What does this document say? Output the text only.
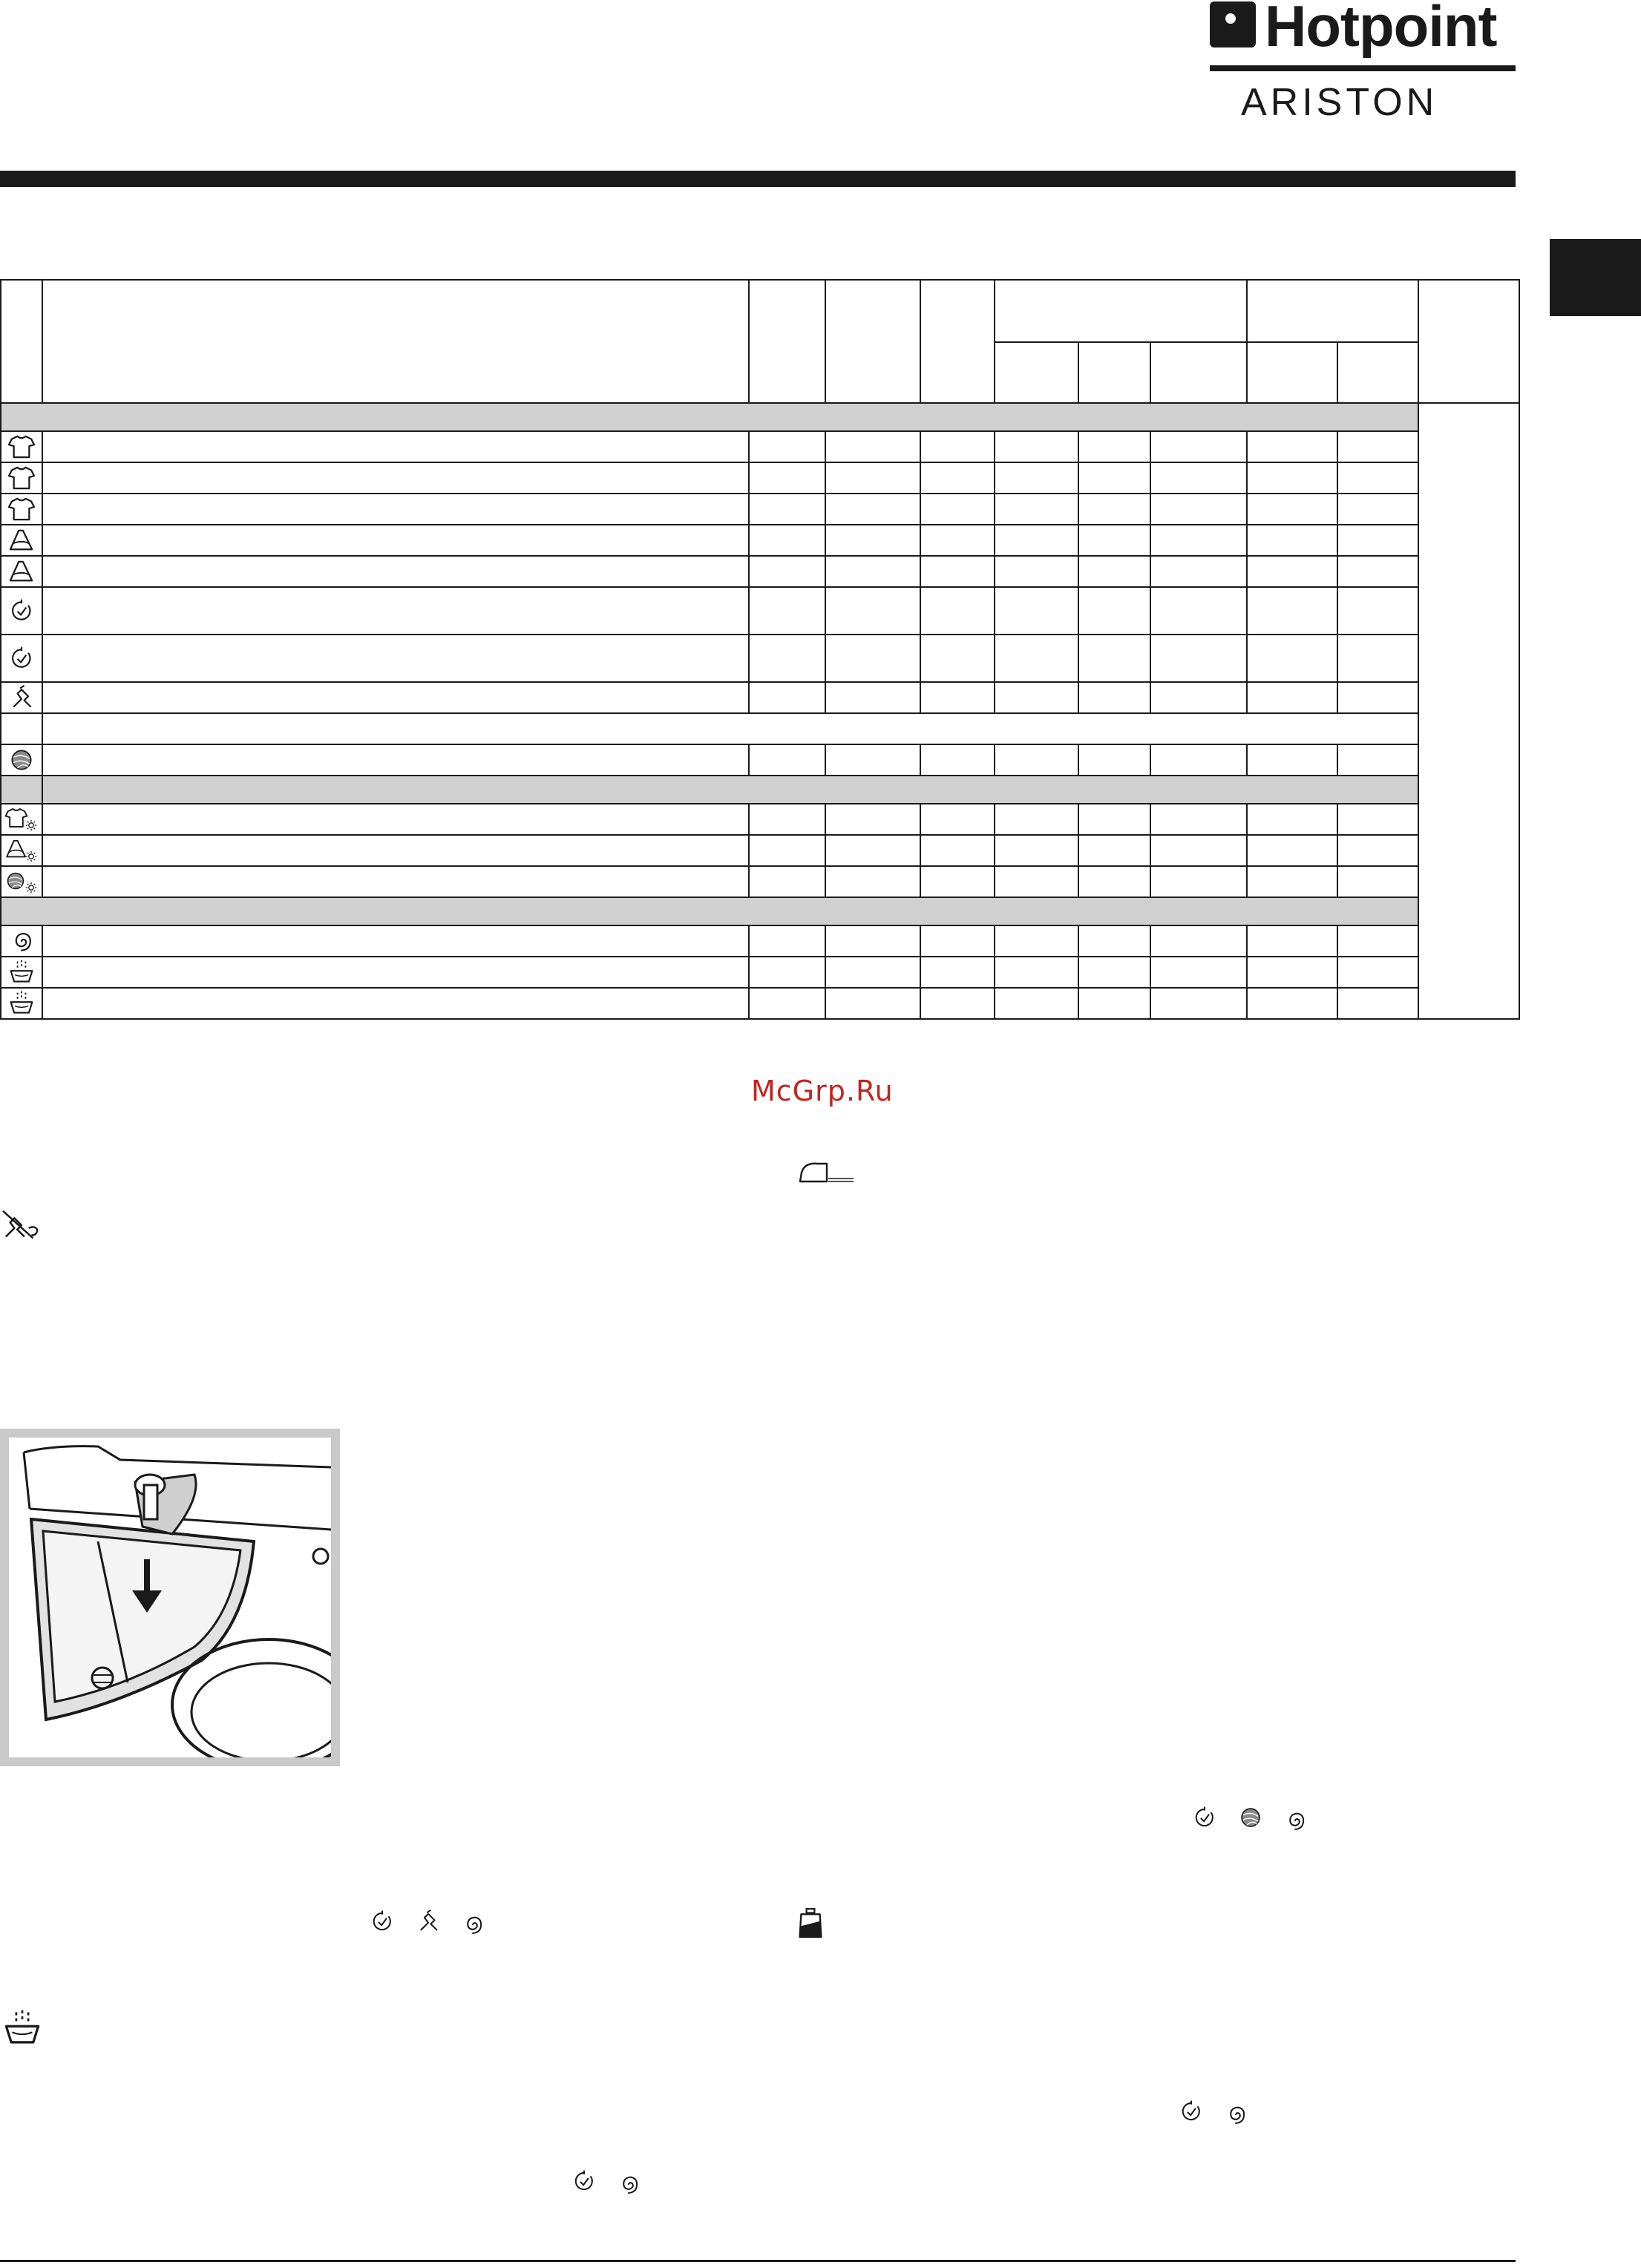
Hotpoint
ARISTON

McGrp.Ru
